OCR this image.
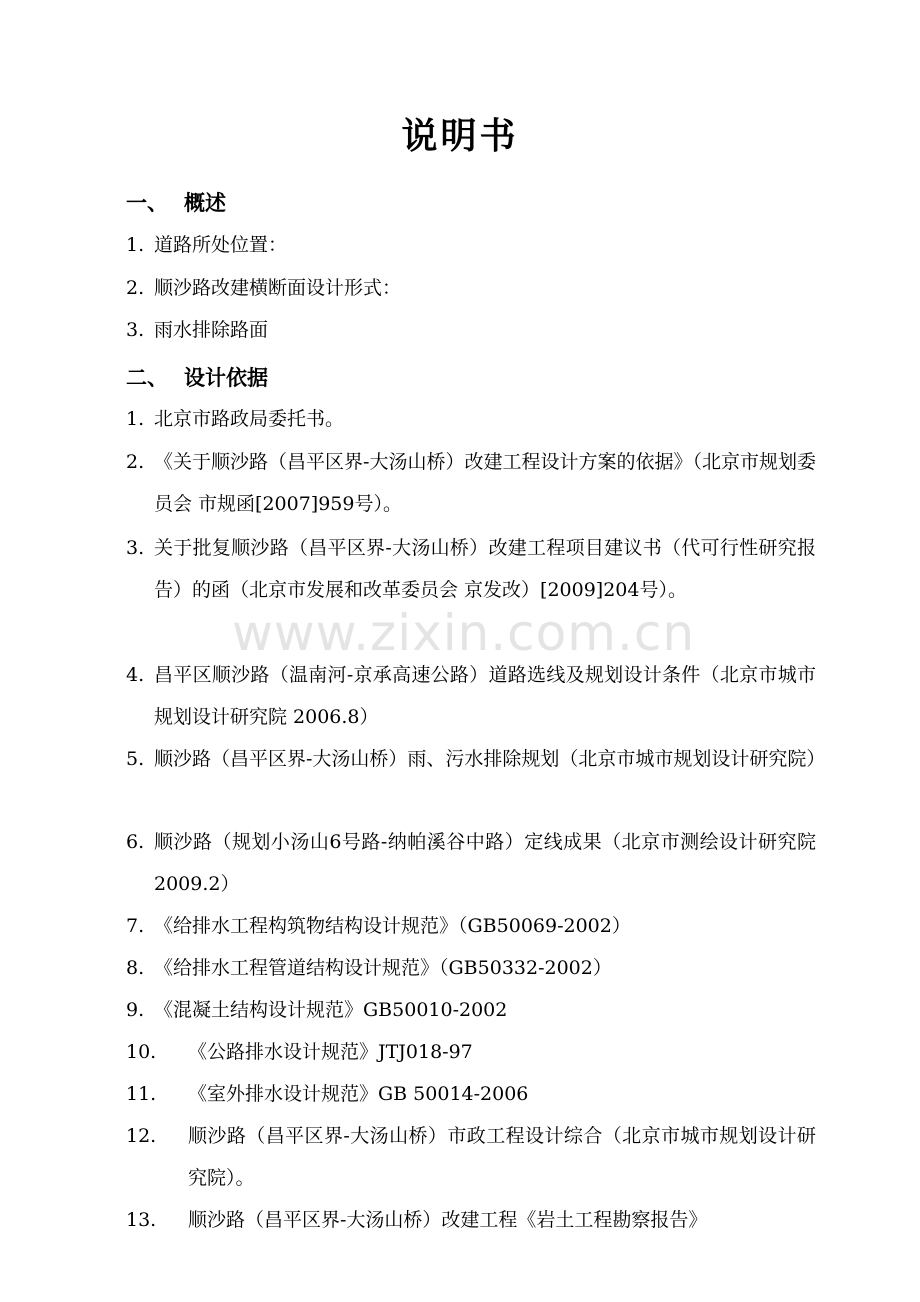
说明书
一、 概述
1. 道路所处位置：
2. 顺沙路改建横断面设计形式：
3. 雨水排除路面
二、 设计依据
1. 北京市路政局委托书。
2. 《关于顺沙路（昌平区界-大汤山桥）改建工程设计方案的依据》（北京市规划委员会 市规函[2007]959号）。
3. 关于批复顺沙路（昌平区界-大汤山桥）改建工程项目建议书（代可行性研究报告）的函（北京市发展和改革委员会 京发改）[2009]204号）。
4. 昌平区顺沙路（温南河-京承高速公路）道路选线及规划设计条件（北京市城市规划设计研究院 2006.8）
5. 顺沙路（昌平区界-大汤山桥）雨、污水排除规划（北京市城市规划设计研究院）
6. 顺沙路（规划小汤山6号路-纳帕溪谷中路）定线成果（北京市测绘设计研究院 2009.2）
7. 《给排水工程构筑物结构设计规范》（GB50069-2002）
8. 《给排水工程管道结构设计规范》（GB50332-2002）
9. 《混凝土结构设计规范》GB50010-2002
10.	《公路排水设计规范》JTJ018-97
11.	《室外排水设计规范》GB 50014-2006
12.	顺沙路（昌平区界-大汤山桥）市政工程设计综合（北京市城市规划设计研究院）。
13.	顺沙路（昌平区界-大汤山桥）改建工程《岩土工程勘察报告》
www.zixin.com.cn
